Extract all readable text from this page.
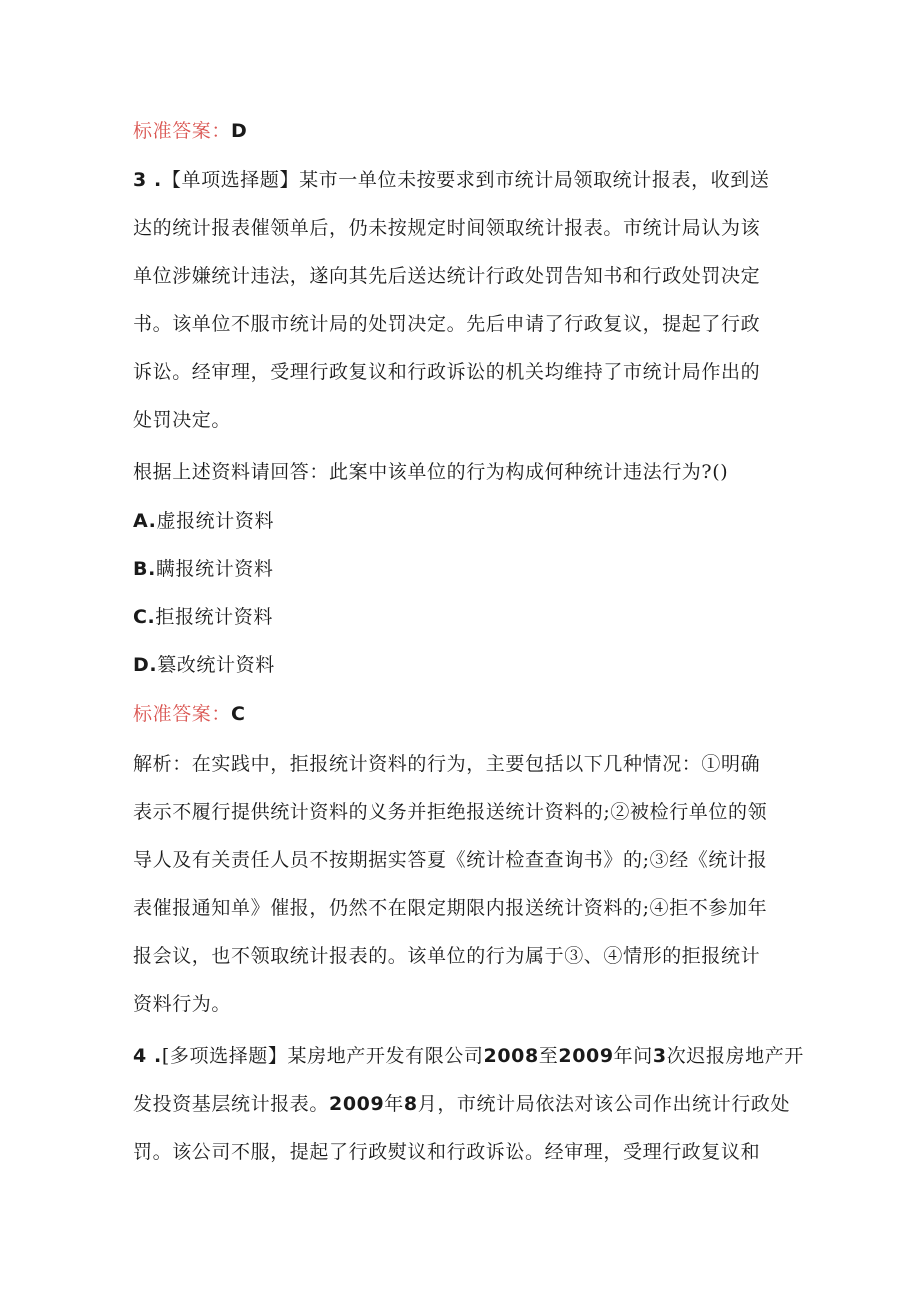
标准答案：D
3 .【单项选择题】某市一单位未按要求到市统计局领取统计报表，收到送
达的统计报表催领单后，仍未按规定时间领取统计报表。市统计局认为该
单位涉嫌统计违法，遂向其先后送达统计行政处罚告知书和行政处罚决定
书。该单位不服市统计局的处罚决定。先后申请了行政复议，提起了行政
诉讼。经审理，受理行政复议和行政诉讼的机关均维持了市统计局作出的
处罚决定。
根据上述资料请回答：此案中该单位的行为构成何种统计违法行为?()
A.虚报统计资料
B.瞒报统计资料
C.拒报统计资料
D.篡改统计资料
标准答案：C
解析：在实践中，拒报统计资料的行为，主要包括以下几种情况：①明确
表示不履行提供统计资料的义务并拒绝报送统计资料的;②被检行单位的领
导人及有关责任人员不按期据实答夏《统计检查查询书》的;③经《统计报
表催报通知单》催报，仍然不在限定期限内报送统计资料的;④拒不参加年
报会议，也不领取统计报表的。该单位的行为属于③、④情形的拒报统计
资料行为。
4 .[多项选择题】某房地产开发有限公司2008至2009年问3次迟报房地产开
发投资基层统计报表。2009年8月，市统计局依法对该公司作出统计行政处
罚。该公司不服，提起了行政熨议和行政诉讼。经审理，受理行政复议和
